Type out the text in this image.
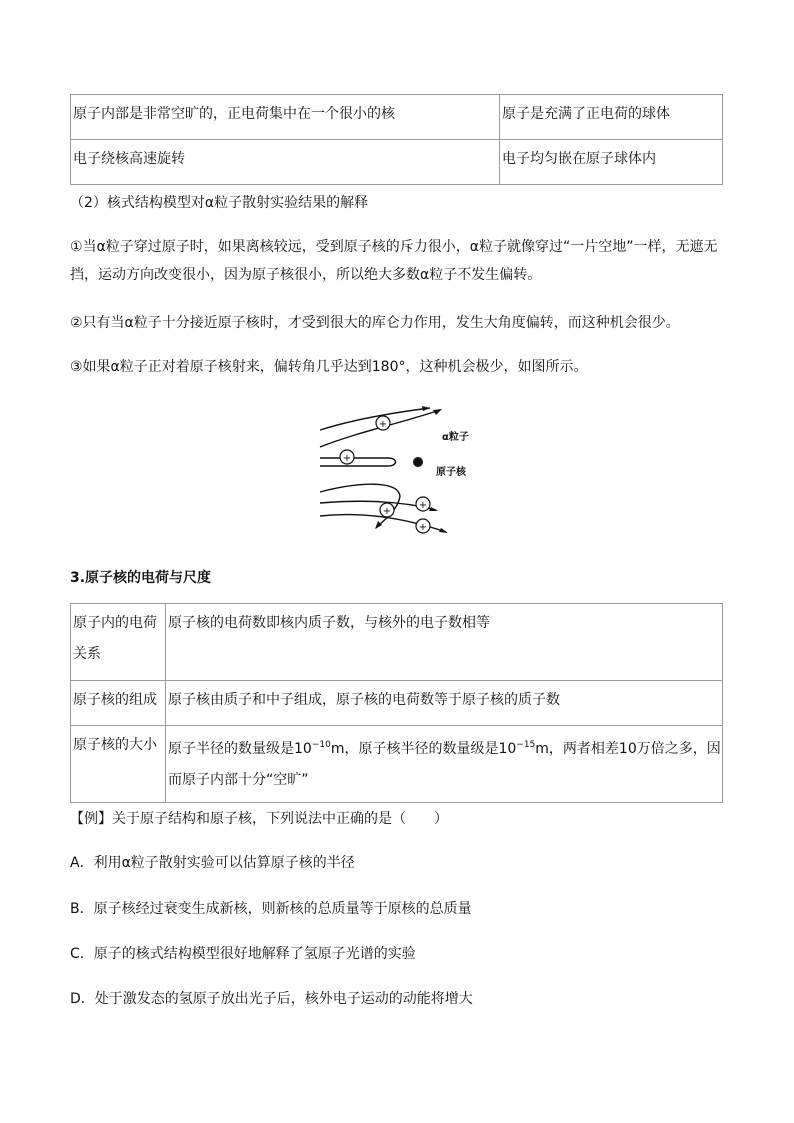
原子内部是非常空旷的，正电荷集中在一个很小的核	原子是充满了正电荷的球体
电子绕核高速旋转	电子均匀嵌在原子球体内
（2）核式结构模型对α粒子散射实验结果的解释
①当α粒子穿过原子时，如果离核较远，受到原子核的斥力很小，α粒子就像穿过“一片空地”一样，无遮无挡，运动方向改变很小，因为原子核很小，所以绝大多数α粒子不发生偏转。
②只有当α粒子十分接近原子核时，才受到很大的库仑力作用，发生大角度偏转，而这种机会很少。
③如果α粒子正对着原子核射来，偏转角几乎达到180°，这种机会极少，如图所示。
+
+
+
+
+
α粒子
原子核
3.原子核的电荷与尺度
原子内的电荷关系	原子核的电荷数即核内质子数，与核外的电子数相等
原子核的组成	原子核由质子和中子组成，原子核的电荷数等于原子核的质子数
原子核的大小	原子半径的数量级是$10^{-10}m$，原子核半径的数量级是$10^{-15}m$，两者相差10万倍之多，因而原子内部十分“空旷”
【例】关于原子结构和原子核，下列说法中正确的是（　　）
A．利用α粒子散射实验可以估算原子核的半径
B．原子核经过衰变生成新核，则新核的总质量等于原核的总质量
C．原子的核式结构模型很好地解释了氢原子光谱的实验
D．处于激发态的氢原子放出光子后，核外电子运动的动能将增大
